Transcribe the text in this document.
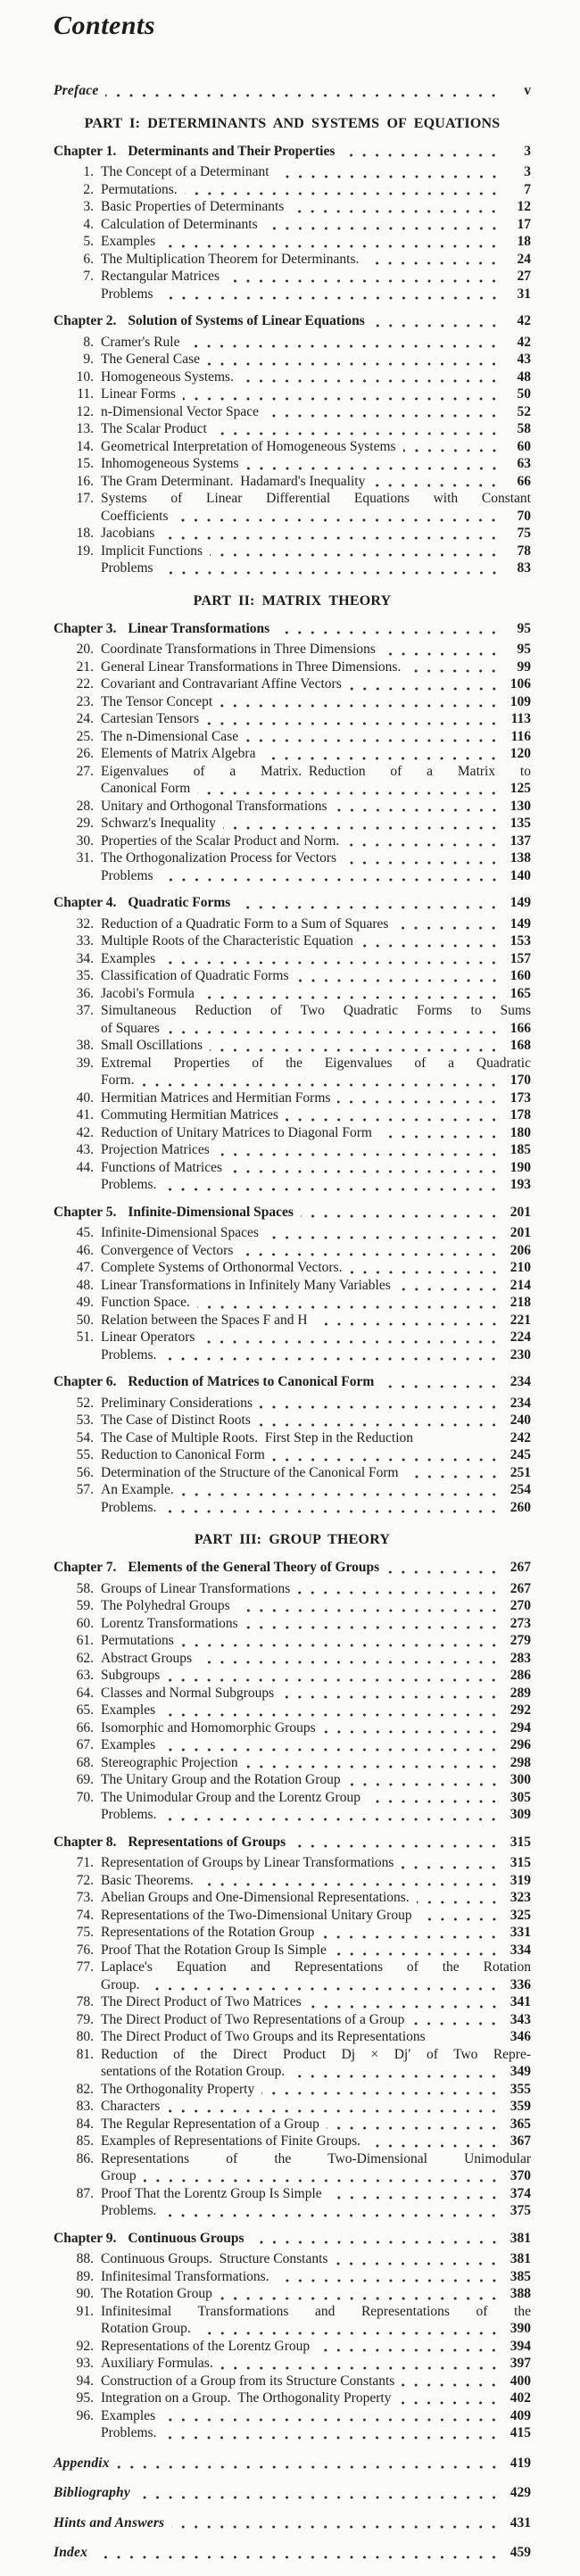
Contents
Preface	v
PART I: DETERMINANTS AND SYSTEMS OF EQUATIONS
Chapter 1. Determinants and Their Properties	3
1. The Concept of a Determinant	3
2. Permutations.	7
3. Basic Properties of Determinants	12
4. Calculation of Determinants	17
5. Examples	18
6. The Multiplication Theorem for Determinants.	24
7. Rectangular Matrices	27
Problems	31
Chapter 2. Solution of Systems of Linear Equations	42
8. Cramer's Rule	42
9. The General Case	43
10. Homogeneous Systems.	48
11. Linear Forms	50
12. n-Dimensional Vector Space	52
13. The Scalar Product	58
14. Geometrical Interpretation of Homogeneous Systems	60
15. Inhomogeneous Systems	63
16. The Gram Determinant. Hadamard's Inequality	66
17. Systems of Linear Differential Equations with Constant
Coefficients	70
18. Jacobians	75
19. Implicit Functions	78
Problems	83
PART II: MATRIX THEORY
Chapter 3. Linear Transformations	95
20. Coordinate Transformations in Three Dimensions	95
21. General Linear Transformations in Three Dimensions.	99
22. Covariant and Contravariant Affine Vectors	106
23. The Tensor Concept	109
24. Cartesian Tensors	113
25. The n-Dimensional Case	116
26. Elements of Matrix Algebra	120
27. Eigenvalues of a Matrix. Reduction of a Matrix to
Canonical Form	125
28. Unitary and Orthogonal Transformations	130
29. Schwarz's Inequality	135
30. Properties of the Scalar Product and Norm.	137
31. The Orthogonalization Process for Vectors	138
Problems	140
Chapter 4. Quadratic Forms	149
32. Reduction of a Quadratic Form to a Sum of Squares	149
33. Multiple Roots of the Characteristic Equation	153
34. Examples	157
35. Classification of Quadratic Forms	160
36. Jacobi's Formula	165
37. Simultaneous Reduction of Two Quadratic Forms to Sums
of Squares	166
38. Small Oscillations	168
39. Extremal Properties of the Eigenvalues of a Quadratic
Form.	170
40. Hermitian Matrices and Hermitian Forms	173
41. Commuting Hermitian Matrices	178
42. Reduction of Unitary Matrices to Diagonal Form	180
43. Projection Matrices	185
44. Functions of Matrices	190
Problems.	193
Chapter 5. Infinite-Dimensional Spaces	201
45. Infinite-Dimensional Spaces	201
46. Convergence of Vectors	206
47. Complete Systems of Orthonormal Vectors.	210
48. Linear Transformations in Infinitely Many Variables	214
49. Function Space.	218
50. Relation between the Spaces F and H	221
51. Linear Operators	224
Problems.	230
Chapter 6. Reduction of Matrices to Canonical Form	234
52. Preliminary Considerations	234
53. The Case of Distinct Roots	240
54. The Case of Multiple Roots. First Step in the Reduction	242
55. Reduction to Canonical Form	245
56. Determination of the Structure of the Canonical Form	251
57. An Example.	254
Problems.	260
PART III: GROUP THEORY
Chapter 7. Elements of the General Theory of Groups	267
58. Groups of Linear Transformations	267
59. The Polyhedral Groups	270
60. Lorentz Transformations	273
61. Permutations	279
62. Abstract Groups	283
63. Subgroups	286
64. Classes and Normal Subgroups	289
65. Examples	292
66. Isomorphic and Homomorphic Groups	294
67. Examples	296
68. Stereographic Projection	298
69. The Unitary Group and the Rotation Group	300
70. The Unimodular Group and the Lorentz Group	305
Problems.	309
Chapter 8. Representations of Groups	315
71. Representation of Groups by Linear Transformations	315
72. Basic Theorems.	319
73. Abelian Groups and One-Dimensional Representations.	323
74. Representations of the Two-Dimensional Unitary Group	325
75. Representations of the Rotation Group	331
76. Proof That the Rotation Group Is Simple	334
77. Laplace's Equation and Representations of the Rotation
Group.	336
78. The Direct Product of Two Matrices	341
79. The Direct Product of Two Representations of a Group	343
80. The Direct Product of Two Groups and its Representations	346
81. Reduction of the Direct Product Dj × Dj′ of Two Repre-
sentations of the Rotation Group.	349
82. The Orthogonality Property	355
83. Characters	359
84. The Regular Representation of a Group	365
85. Examples of Representations of Finite Groups.	367
86. Representations of the Two-Dimensional Unimodular
Group	370
87. Proof That the Lorentz Group Is Simple	374
Problems.	375
Chapter 9. Continuous Groups	381
88. Continuous Groups. Structure Constants	381
89. Infinitesimal Transformations.	385
90. The Rotation Group	388
91. Infinitesimal Transformations and Representations of the
Rotation Group.	390
92. Representations of the Lorentz Group	394
93. Auxiliary Formulas.	397
94. Construction of a Group from its Structure Constants	400
95. Integration on a Group. The Orthogonality Property	402
96. Examples	409
Problems.	415
Appendix	419
Bibliography	429
Hints and Answers	431
Index	459
